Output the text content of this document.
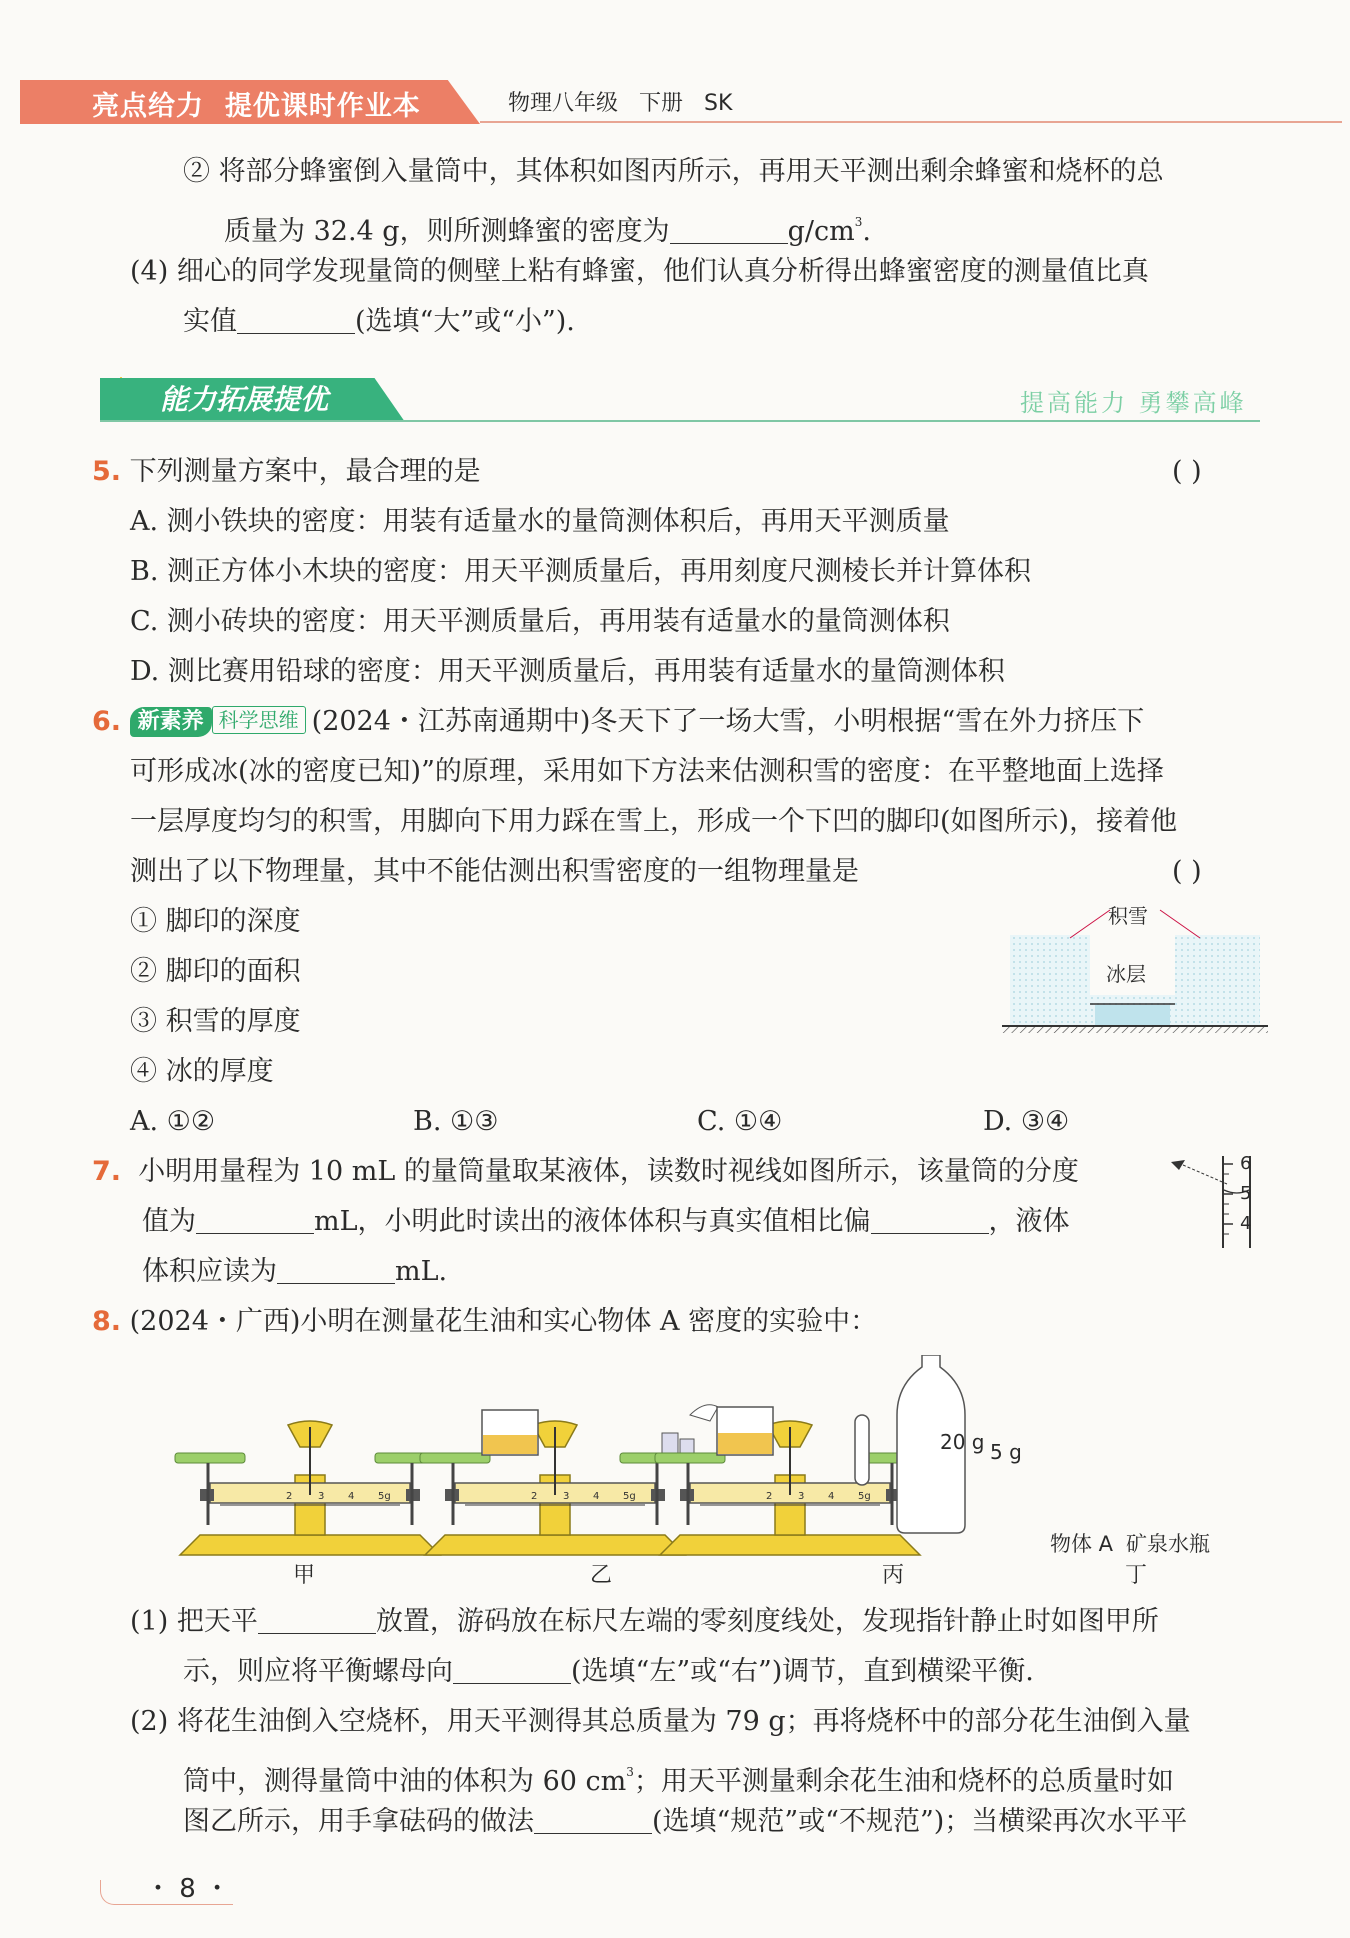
亮点给力 提优课时作业本	物理八年级 下册 SK
② 将部分蜂蜜倒入量筒中，其体积如图丙所示，再用天平测出剩余蜂蜜和烧杯的总
质量为 32.4 g，则所测蜂蜜的密度为	$g/cm^3$.
(4) 细心的同学发现量筒的侧壁上粘有蜂蜜，他们认真分析得出蜂蜜密度的测量值比真
实值	(选填“大”或“小”).
能力拓展提优	提高能力 勇攀高峰
5. 下列测量方案中，最合理的是	( )
A. 测小铁块的密度：用装有适量水的量筒测体积后，再用天平测质量
B. 测正方体小木块的密度：用天平测质量后，再用刻度尺测棱长并计算体积
C. 测小砖块的密度：用天平测质量后，再用装有适量水的量筒测体积
D. 测比赛用铅球的密度：用天平测质量后，再用装有适量水的量筒测体积
6. 新素养 科学思维 (2024・江苏南通期中)冬天下了一场大雪，小明根据“雪在外力挤压下
可形成冰(冰的密度已知)”的原理，采用如下方法来估测积雪的密度：在平整地面上选择
一层厚度均匀的积雪，用脚向下用力踩在雪上，形成一个下凹的脚印(如图所示)，接着他
测出了以下物理量，其中不能估测出积雪密度的一组物理量是	( )
① 脚印的深度
② 脚印的面积
③ 积雪的厚度
④ 冰的厚度
A. ①②	B. ①③	C. ①④	D. ③④
积雪
冰层
7. 小明用量程为 10 mL 的量筒量取某液体，读数时视线如图所示，该量筒的分度
值为	mL，小明此时读出的液体体积与真实值相比偏	，液体
体积应读为	mL.
6
5
4
8. (2024・广西)小明在测量花生油和实心物体 A 密度的实验中：
20 g 5 g
物体 A 矿泉水瓶
甲	乙	丙	丁
(1) 把天平	放置，游码放在标尺左端的零刻度线处，发现指针静止时如图甲所
示，则应将平衡螺母向	(选填“左”或“右”)调节，直到横梁平衡.
(2) 将花生油倒入空烧杯，用天平测得其总质量为 79 g；再将烧杯中的部分花生油倒入量
筒中，测得量筒中油的体积为 60 $cm^3$；用天平测量剩余花生油和烧杯的总质量时如
图乙所示，用手拿砝码的做法	(选填“规范”或“不规范”)；当横梁再次水平平
・ 8 ・
